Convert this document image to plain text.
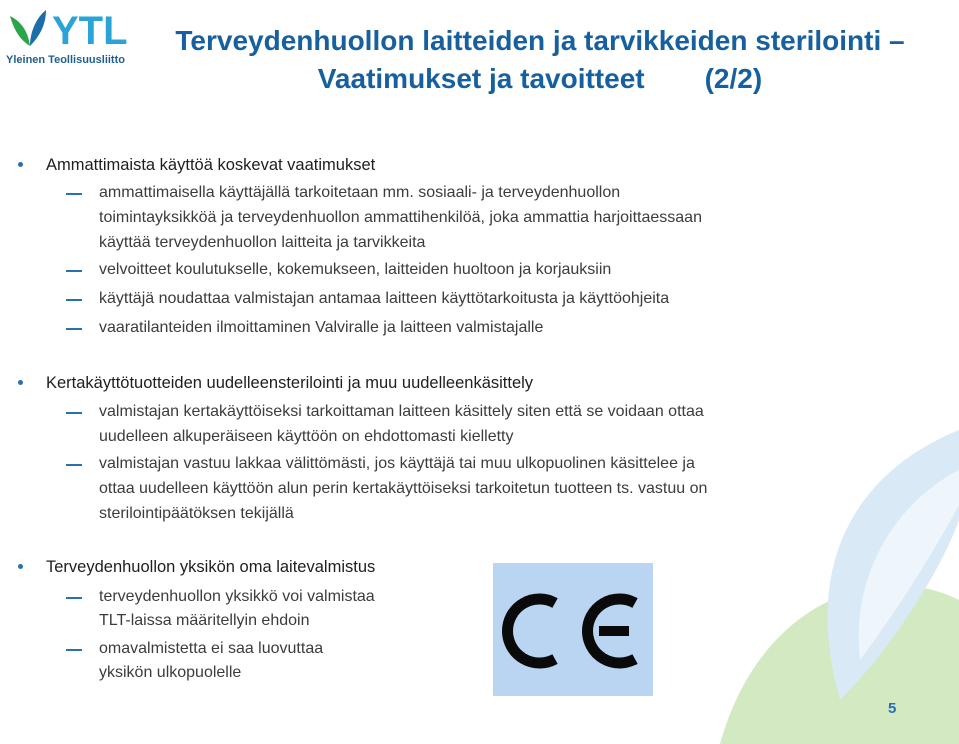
YTL
Yleinen Teollisuusliitto
Terveydenhuollon laitteiden ja tarvikkeiden sterilointi –
Vaatimukset ja tavoitteet (2/2)
Ammattimaista käyttöä koskevat vaatimukset
ammattimaisella käyttäjällä tarkoitetaan mm. sosiaali- ja terveydenhuollon
toimintayksikköä ja terveydenhuollon ammattihenkilöä, joka ammattia harjoittaessaan
käyttää terveydenhuollon laitteita ja tarvikkeita
velvoitteet koulutukselle, kokemukseen, laitteiden huoltoon ja korjauksiin
käyttäjä noudattaa valmistajan antamaa laitteen käyttötarkoitusta ja käyttöohjeita
vaaratilanteiden ilmoittaminen Valviralle ja laitteen valmistajalle
Kertakäyttötuotteiden uudelleensterilointi ja muu uudelleenkäsittely
valmistajan kertakäyttöiseksi tarkoittaman laitteen käsittely siten että se voidaan ottaa
uudelleen alkuperäiseen käyttöön on ehdottomasti kielletty
valmistajan vastuu lakkaa välittömästi, jos käyttäjä tai muu ulkopuolinen käsittelee ja
ottaa uudelleen käyttöön alun perin kertakäyttöiseksi tarkoitetun tuotteen ts. vastuu on
sterilointipäätöksen tekijällä
Terveydenhuollon yksikön oma laitevalmistus
terveydenhuollon yksikkö voi valmistaa
TLT-laissa määritellyin ehdoin
omavalmistetta ei saa luovuttaa
yksikön ulkopuolelle
5
